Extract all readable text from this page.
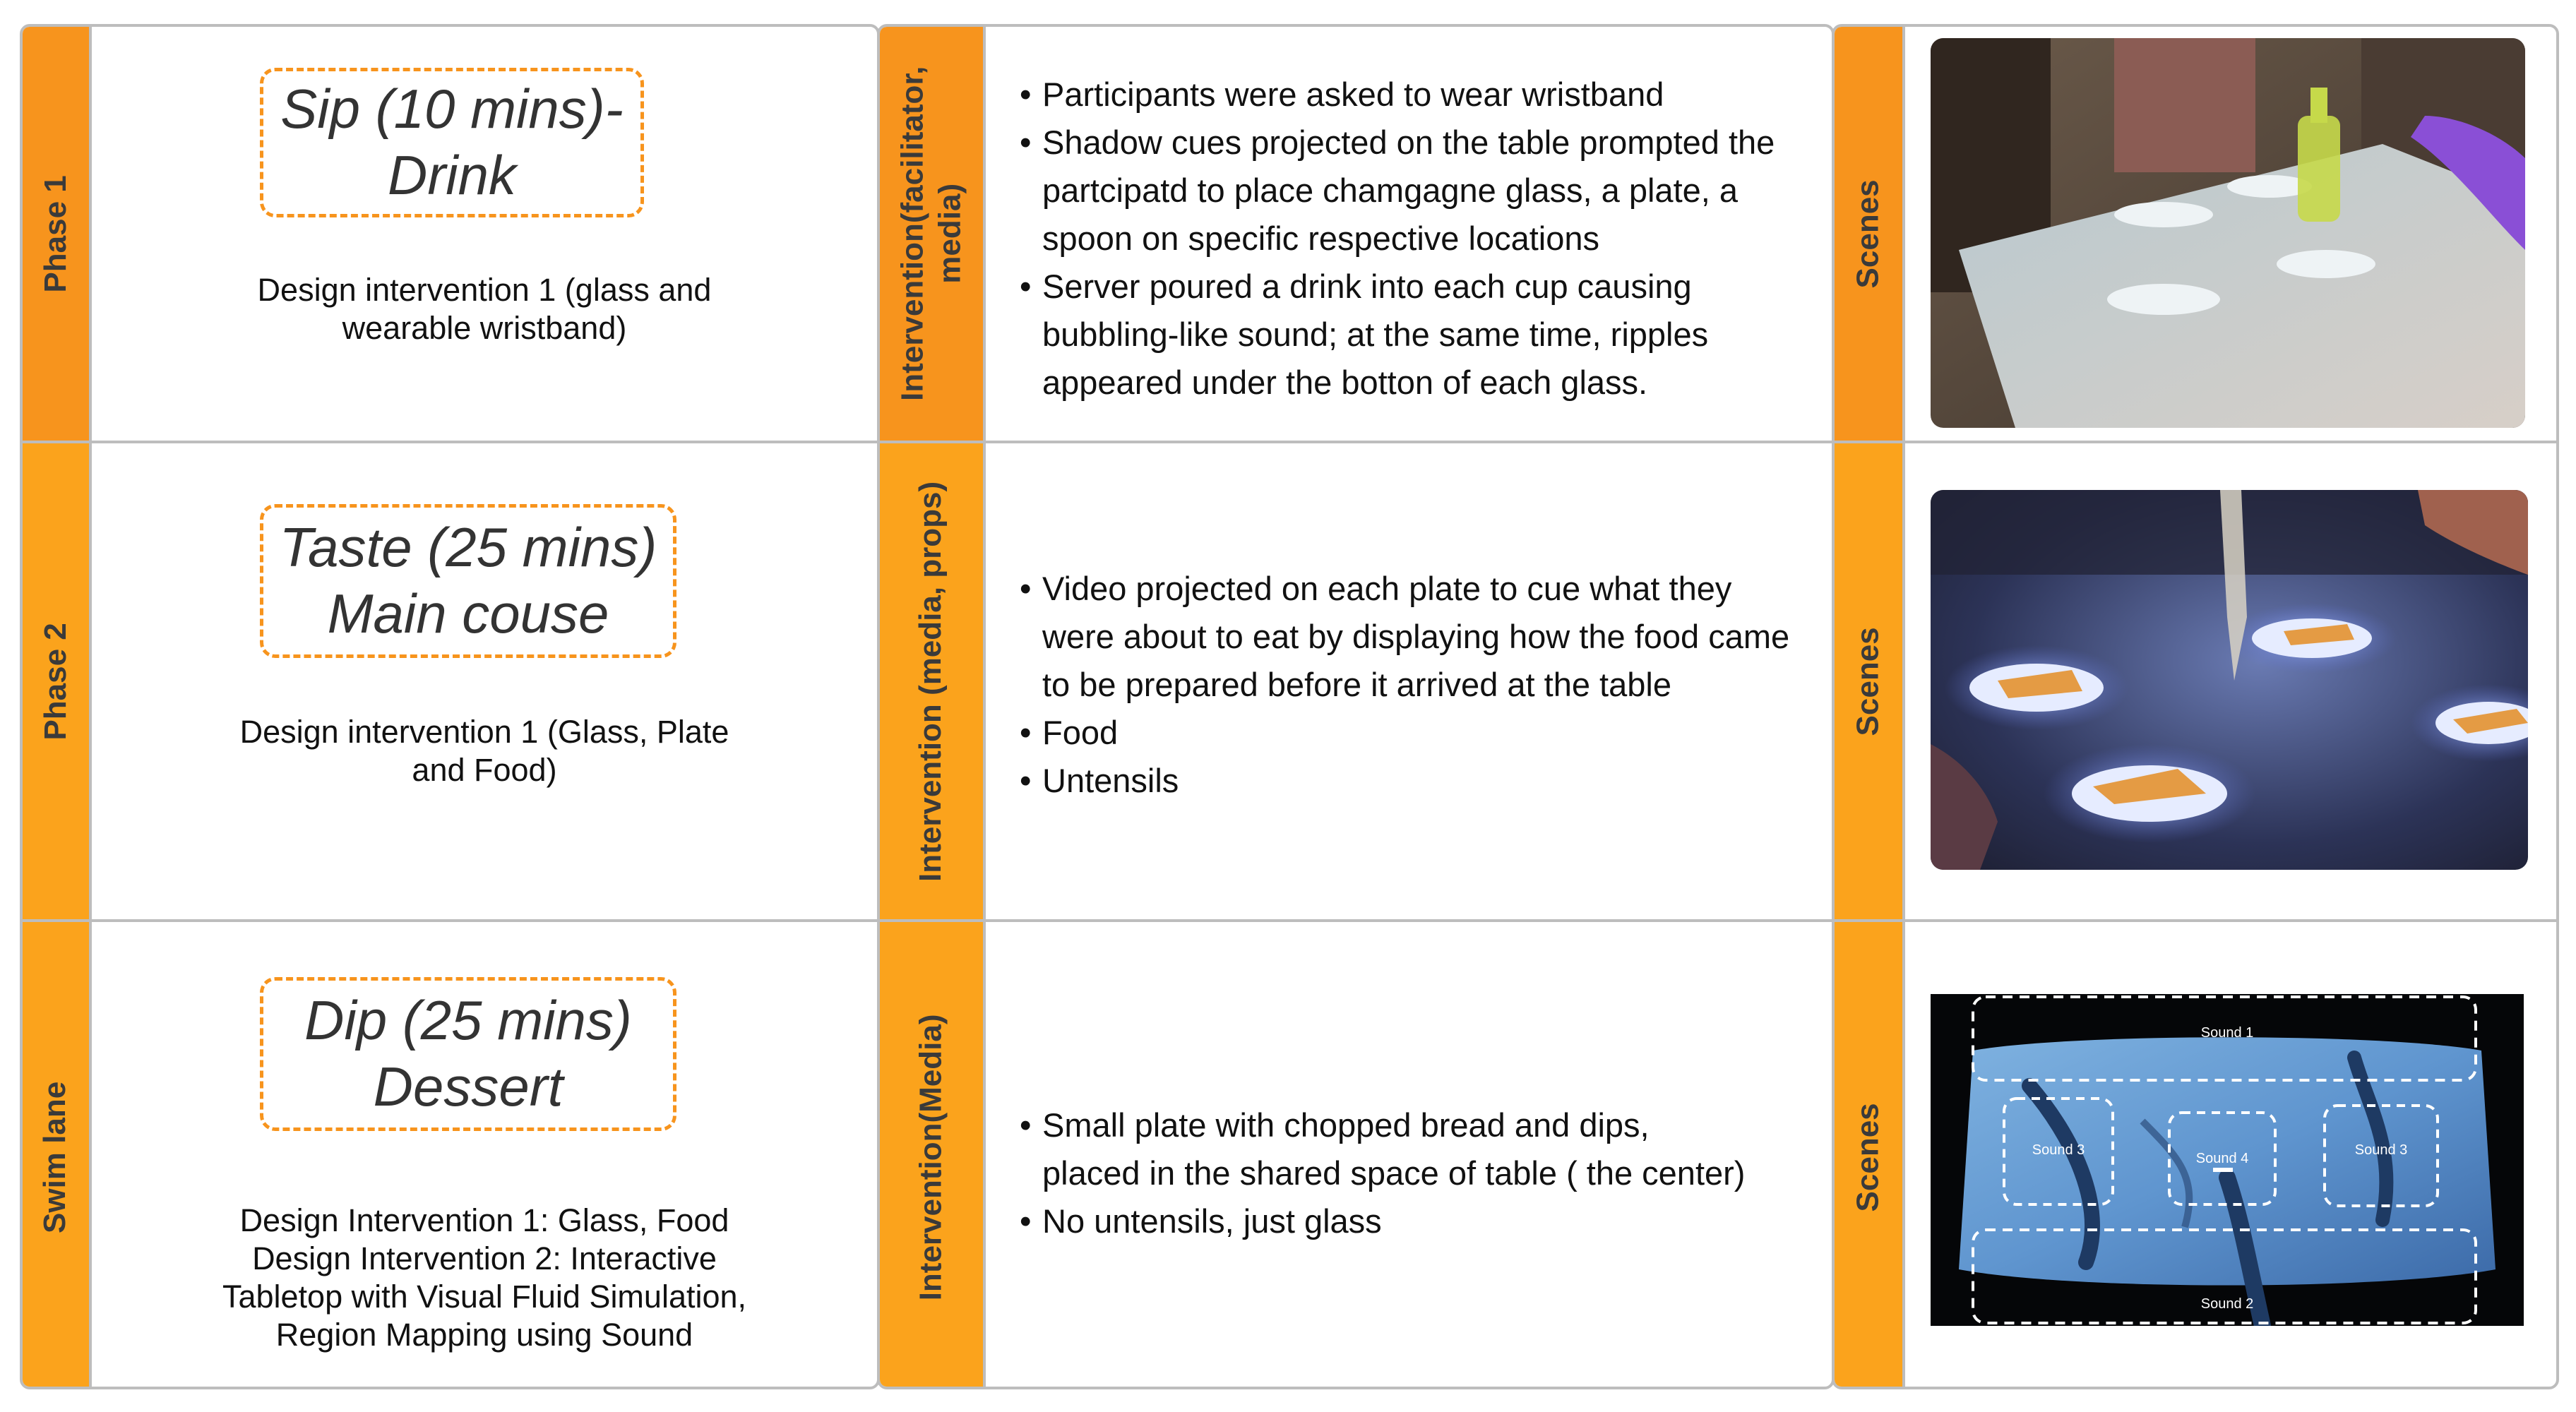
Phase 1
Sip (10 mins)-
Drink
Design intervention 1 (glass and
wearable wristband)
Phase 2
Taste (25 mins)
Main couse
Design intervention 1 (Glass, Plate
and Food)
Swim lane
Dip (25 mins)
Dessert
Design Intervention 1: Glass, Food
Design Intervention 2: Interactive
Tabletop with Visual Fluid Simulation,
Region Mapping using Sound
Intervention(facilitator, media)
Intervention (media, props)
Intervention(Media)
• Participants were asked to wear wristband
• Shadow cues projected on the table prompted the partcipatd to place chamgagne glass, a plate, a spoon on specific respective locations
• Server poured a drink into each cup causing bubbling-like sound; at the same time, ripples appeared under the botton of each glass.
• Video projected on each plate to cue what they were about to eat by displaying how the food came to be prepared before it arrived at the table
• Food
• Untensils
• Small plate with chopped bread and dips, placed in the shared space of table ( the center)
• No untensils, just glass
Scenes
Scenes
Scenes
Sound 1
Sound 2
Sound 3
Sound 4
Sound 3
